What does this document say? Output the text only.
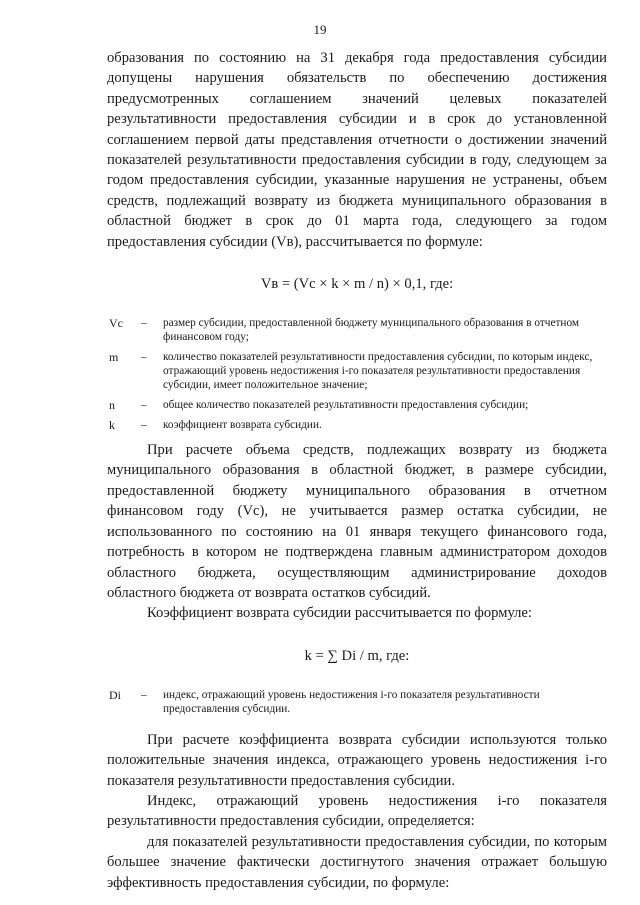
19

образования по состоянию на 31 декабря года предоставления субсидии допущены нарушения обязательств по обеспечению достижения предусмотренных соглашением значений целевых показателей результативности предоставления субсидии и в срок до установленной соглашением первой даты представления отчетности о достижении значений показателей результативности предоставления субсидии в году, следующем за годом предоставления субсидии, указанные нарушения не устранены, объем средств, подлежащий возврату из бюджета муниципального образования в областной бюджет в срок до 01 марта года, следующего за годом предоставления субсидии (Vв), рассчитывается по формуле:

Vв = (Vс × k × m / n) × 0,1, где:
Vс	–	размер субсидии, предоставленной бюджету муниципального образования в отчетном финансовом году;
m	–	количество показателей результативности предоставления субсидии, по которым индекс, отражающий уровень недостижения i-го показателя результативности предоставления субсидии, имеет положительное значение;
n	–	общее количество показателей результативности предоставления субсидии;
k	–	коэффициент возврата субсидии.

При расчете объема средств, подлежащих возврату из бюджета муниципального образования в областной бюджет, в размере субсидии, предоставленной бюджету муниципального образования в отчетном финансовом году (Vс), не учитывается размер остатка субсидии, не использованного по состоянию на 01 января текущего финансового года, потребность в котором не подтверждена главным администратором доходов областного бюджета, осуществляющим администрирование доходов областного бюджета от возврата остатков субсидий.

Коэффициент возврата субсидии рассчитывается по формуле:

k = ∑ Di / m, где:
Di	–	индекс, отражающий уровень недостижения i-го показателя результативности предоставления субсидии.

При расчете коэффициента возврата субсидии используются только положительные значения индекса, отражающего уровень недостижения i-го показателя результативности предоставления субсидии.

Индекс, отражающий уровень недостижения i-го показателя результативности предоставления субсидии, определяется:

для показателей результативности предоставления субсидии, по которым большее значение фактически достигнутого значения отражает большую эффективность предоставления субсидии, по формуле:
